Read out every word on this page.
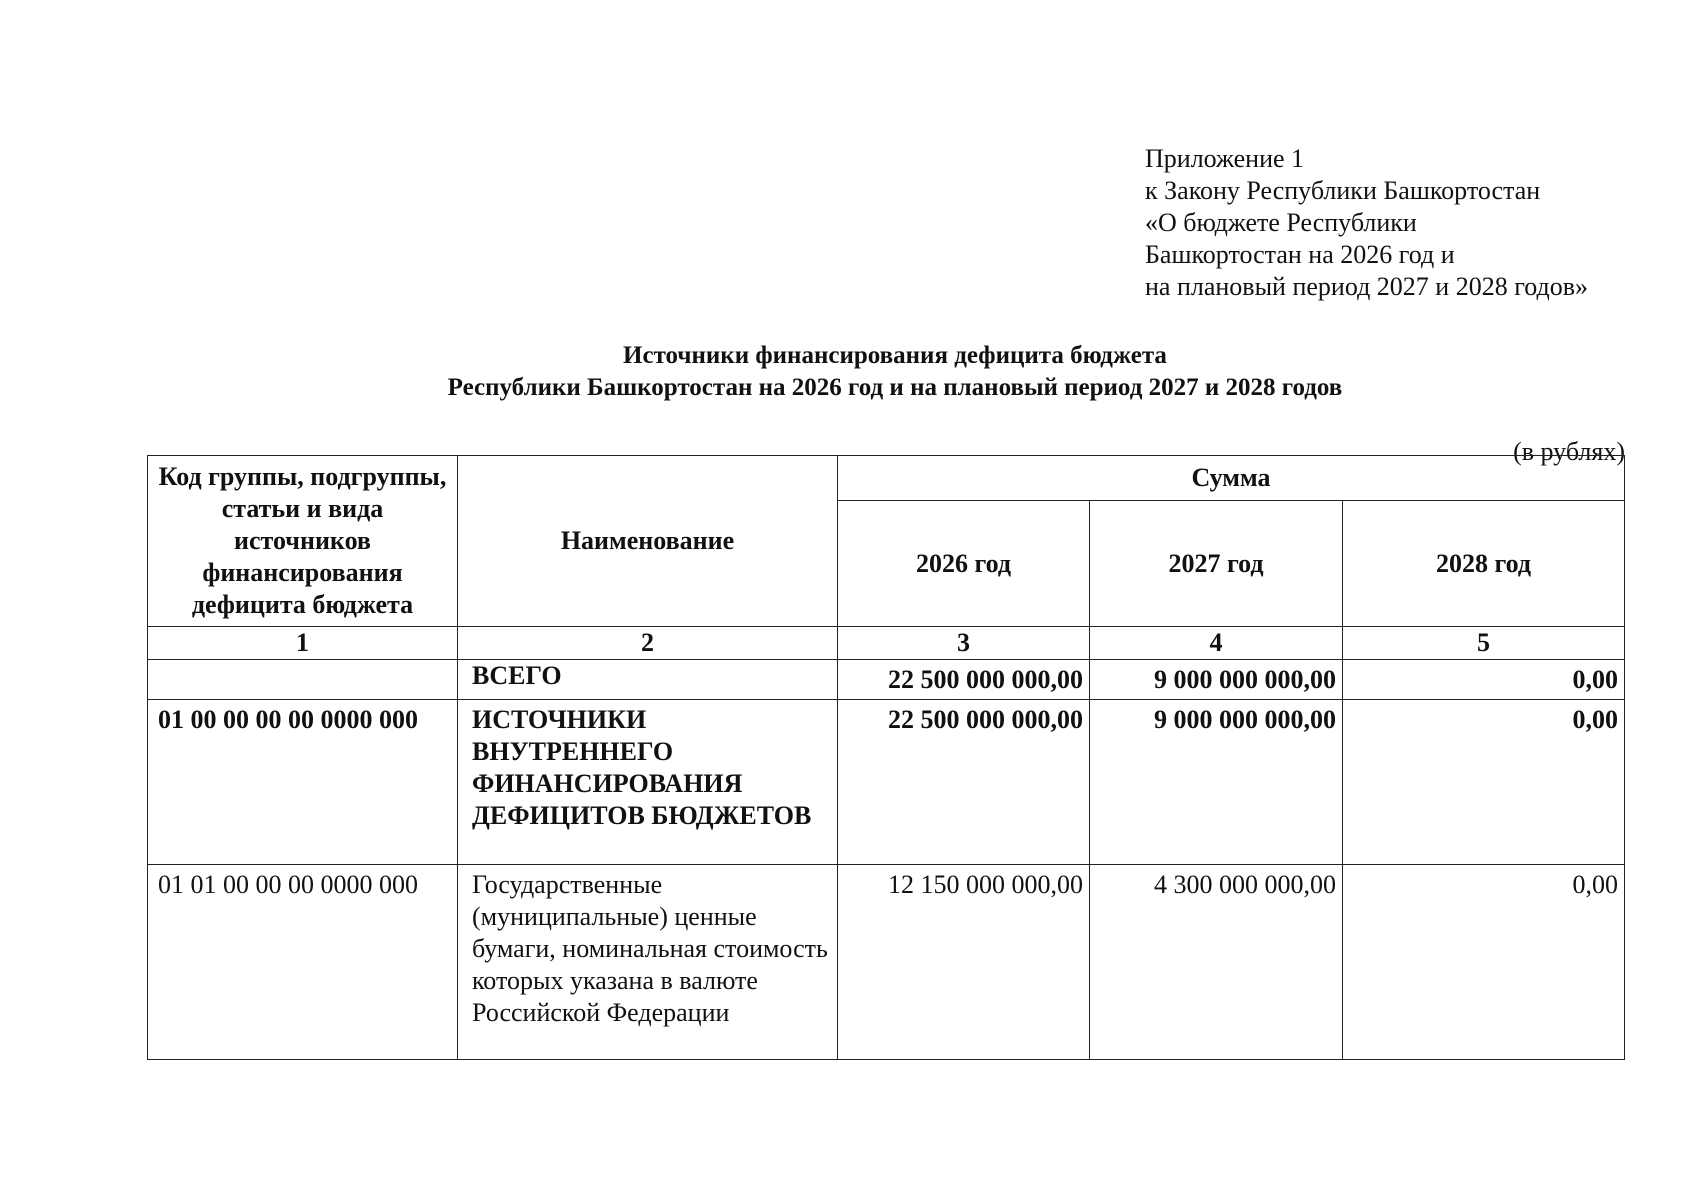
Приложение 1
к Закону Республики Башкортостан
«О бюджете Республики
Башкортостан на 2026 год и
на плановый период 2027 и 2028 годов»
Источники финансирования дефицита бюджета
Республики Башкортостан на 2026 год и на плановый период 2027 и 2028 годов
(в рублях)
Код группы, подгруппы, статьи и вида источников финансирования дефицита бюджета	Наименование	Сумма		
		2026 год	2027 год	2028 год
1	2	3	4	5
	ВСЕГО	22 500 000 000,00	9 000 000 000,00	0,00
01 00 00 00 00 0000 000	ИСТОЧНИКИ ВНУТРЕННЕГО ФИНАНСИРОВАНИЯ ДЕФИЦИТОВ БЮДЖЕТОВ	22 500 000 000,00	9 000 000 000,00	0,00
01 01 00 00 00 0000 000	Государственные (муниципальные) ценные бумаги, номинальная стоимость которых указана в валюте Российской Федерации	12 150 000 000,00	4 300 000 000,00	0,00
